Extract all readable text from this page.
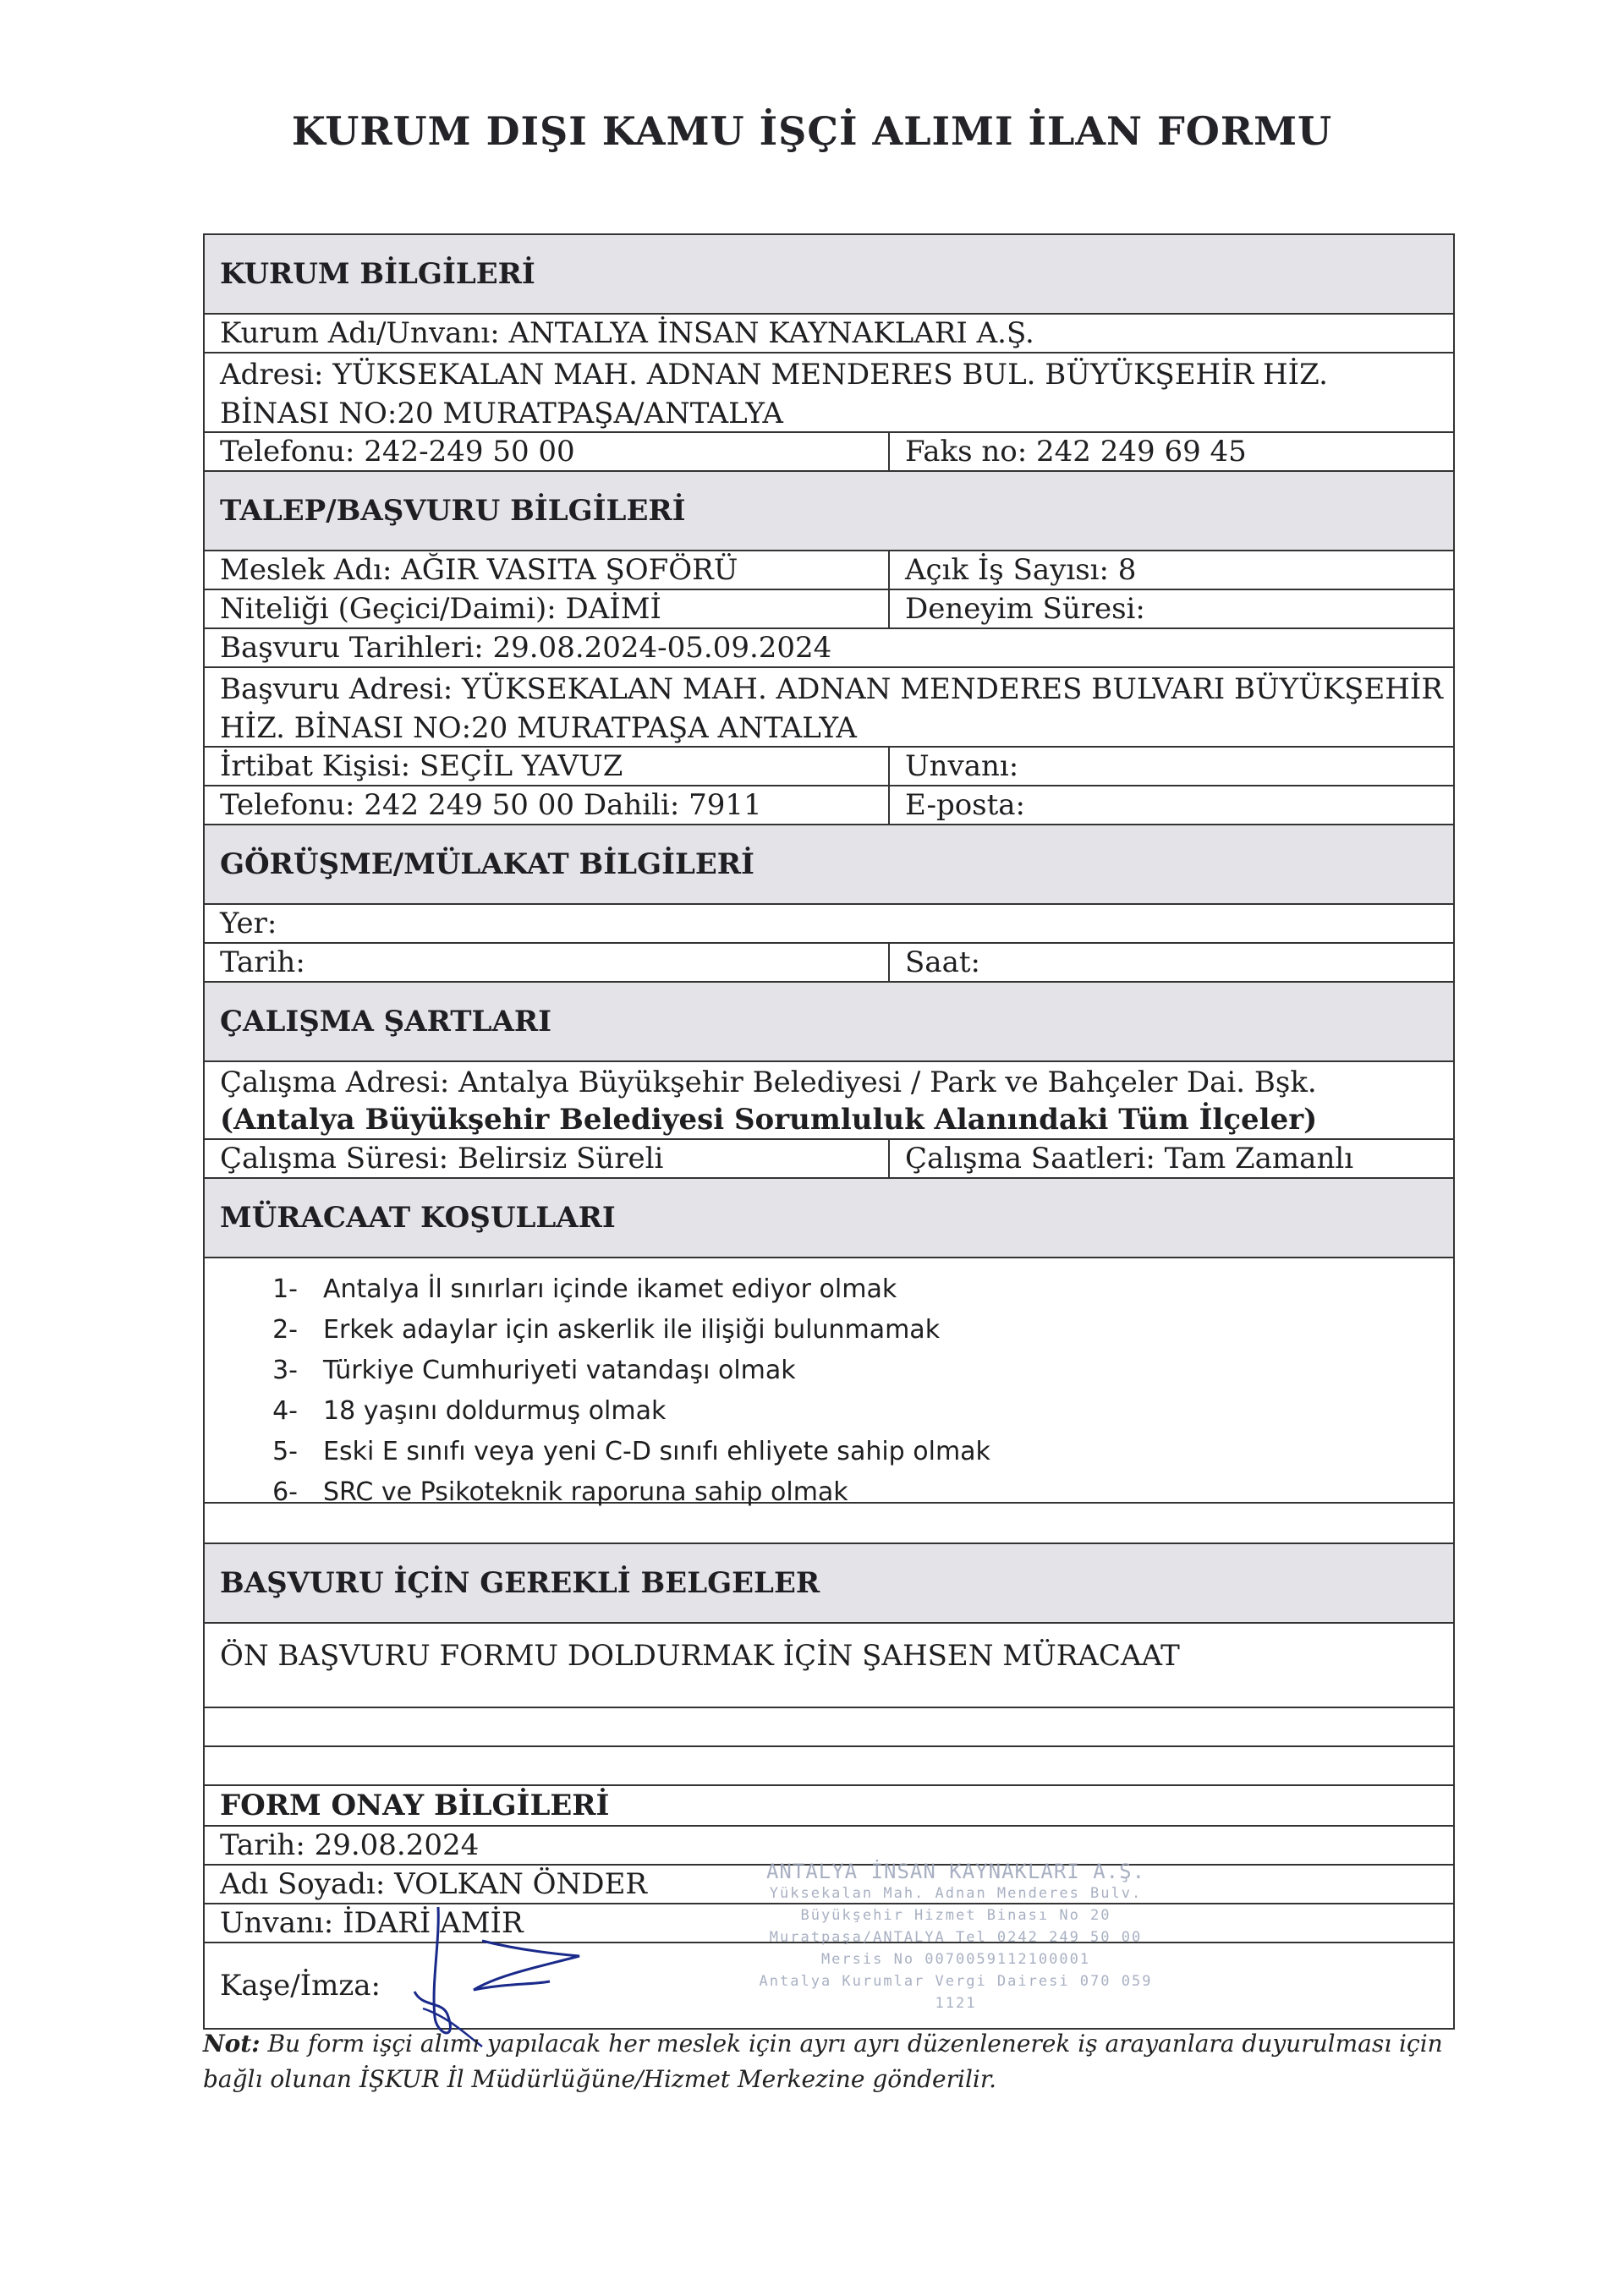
KURUM DIŞI KAMU İŞÇİ ALIMI İLAN FORMU
KURUM BİLGİLERİ
Kurum Adı/Unvanı: ANTALYA İNSAN KAYNAKLARI A.Ş.
Adresi: YÜKSEKALAN MAH. ADNAN MENDERES BUL. BÜYÜKŞEHİR HİZ. BİNASI NO:20 MURATPAŞA/ANTALYA
Telefonu: 242-249 50 00	Faks no: 242 249 69 45
TALEP/BAŞVURU BİLGİLERİ
Meslek Adı: AĞIR VASITA ŞOFÖRÜ	Açık İş Sayısı: 8
Niteliği (Geçici/Daimi): DAİMİ	Deneyim Süresi:
Başvuru Tarihleri: 29.08.2024-05.09.2024
Başvuru Adresi: YÜKSEKALAN MAH. ADNAN MENDERES BULVARI BÜYÜKŞEHİR HİZ. BİNASI NO:20 MURATPAŞA ANTALYA
İrtibat Kişisi: SEÇİL YAVUZ	Unvanı:
Telefonu: 242 249 50 00 Dahili: 7911	E-posta:
GÖRÜŞME/MÜLAKAT BİLGİLERİ
Yer:
Tarih:	Saat:
ÇALIŞMA ŞARTLARI
Çalışma Adresi: Antalya Büyükşehir Belediyesi / Park ve Bahçeler Dai. Bşk.
(Antalya Büyükşehir Belediyesi Sorumluluk Alanındaki Tüm İlçeler)
Çalışma Süresi: Belirsiz Süreli	Çalışma Saatleri: Tam Zamanlı
MÜRACAAT KOŞULLARI
1-	Antalya İl sınırları içinde ikamet ediyor olmak
2-	Erkek adaylar için askerlik ile ilişiği bulunmamak
3-	Türkiye Cumhuriyeti vatandaşı olmak
4-	18 yaşını doldurmuş olmak
5-	Eski E sınıfı veya yeni C-D sınıfı ehliyete sahip olmak
6-	SRC ve Psikoteknik raporuna sahip olmak
BAŞVURU İÇİN GEREKLİ BELGELER
ÖN BAŞVURU FORMU DOLDURMAK İÇİN ŞAHSEN MÜRACAAT
FORM ONAY BİLGİLERİ
Tarih: 29.08.2024
Adı Soyadı: VOLKAN ÖNDER
Unvanı: İDARİ AMİR
Kaşe/İmza:
ANTALYA İNSAN KAYNAKLARI A.Ş.
Yüksekalan Mah. Adnan Menderes Bulv.
Büyükşehir Hizmet Binası No 20
Muratpaşa/ANTALYA Tel 0242 249 50 00
Mersis No 0070059112100001
Antalya Kurumlar Vergi Dairesi 070 059 1121
Not: Bu form işçi alımı yapılacak her meslek için ayrı ayrı düzenlenerek iş arayanlara duyurulması için bağlı olunan İŞKUR İl Müdürlüğüne/Hizmet Merkezine gönderilir.
